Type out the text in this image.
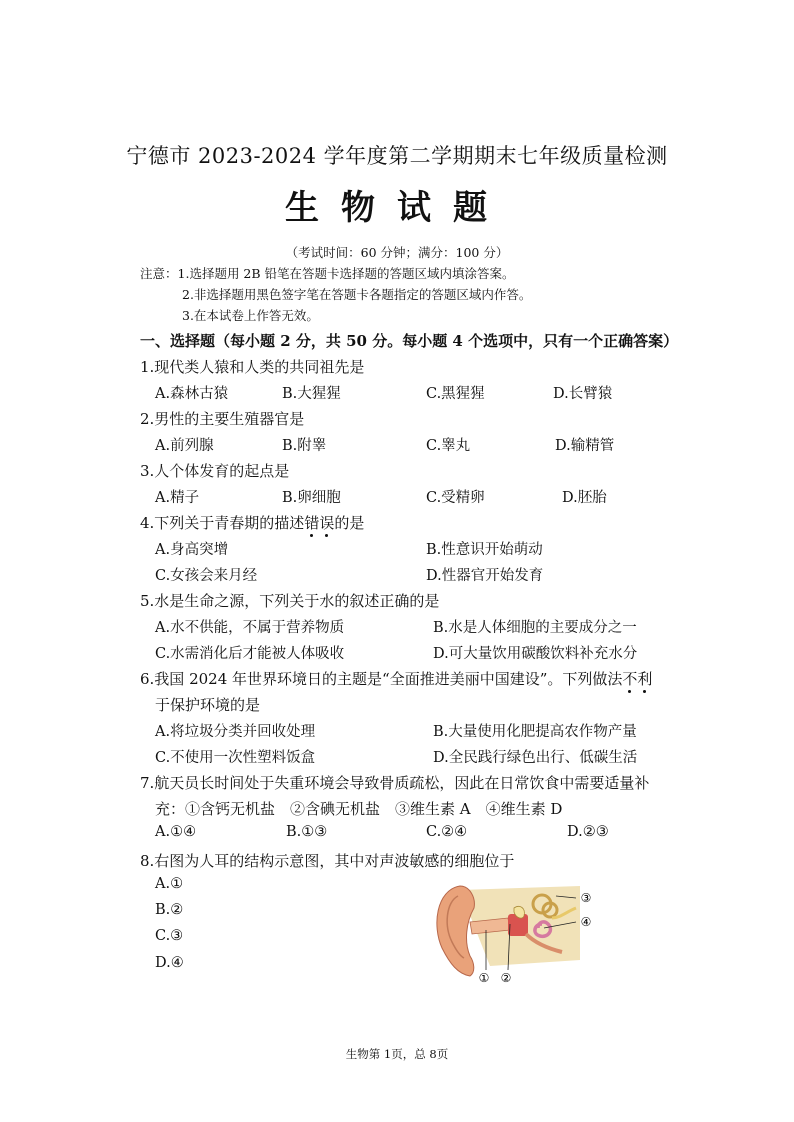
宁德市 2023-2024 学年度第二学期期末七年级质量检测
生物试题
（考试时间：60 分钟；满分：100 分）
注意：1.选择题用 2B 铅笔在答题卡选择题的答题区域内填涂答案。
2.非选择题用黑色签字笔在答题卡各题指定的答题区域内作答。
3.在本试卷上作答无效。
一、选择题（每小题 2 分，共 50 分。每小题 4 个选项中，只有一个正确答案）
1.现代类人猿和人类的共同祖先是
A.森林古猿	B.大猩猩	C.黑猩猩	D.长臂猿
2.男性的主要生殖器官是
A.前列腺	B.附睾	C.睾丸	D.输精管
3.人个体发育的起点是
A.精子	B.卵细胞	C.受精卵	D.胚胎
4.下列关于青春期的描述错误的是
A.身高突增	B.性意识开始萌动
C.女孩会来月经	D.性器官开始发育
5.水是生命之源，下列关于水的叙述正确的是
A.水不供能，不属于营养物质	B.水是人体细胞的主要成分之一
C.水需消化后才能被人体吸收	D.可大量饮用碳酸饮料补充水分
6.我国 2024 年世界环境日的主题是“全面推进美丽中国建设”。下列做法不利
于保护环境的是
A.将垃圾分类并回收处理	B.大量使用化肥提高农作物产量
C.不使用一次性塑料饭盒	D.全民践行绿色出行、低碳生活
7.航天员长时间处于失重环境会导致骨质疏松，因此在日常饮食中需要适量补
充：①含钙无机盐　②含碘无机盐　③维生素 A　④维生素 D
A.①④	B.①③	C.②④	D.②③
8.右图为人耳的结构示意图，其中对声波敏感的细胞位于
A.①
B.②
C.③
D.④
① ②
③
④
生物第 1页，总 8页
